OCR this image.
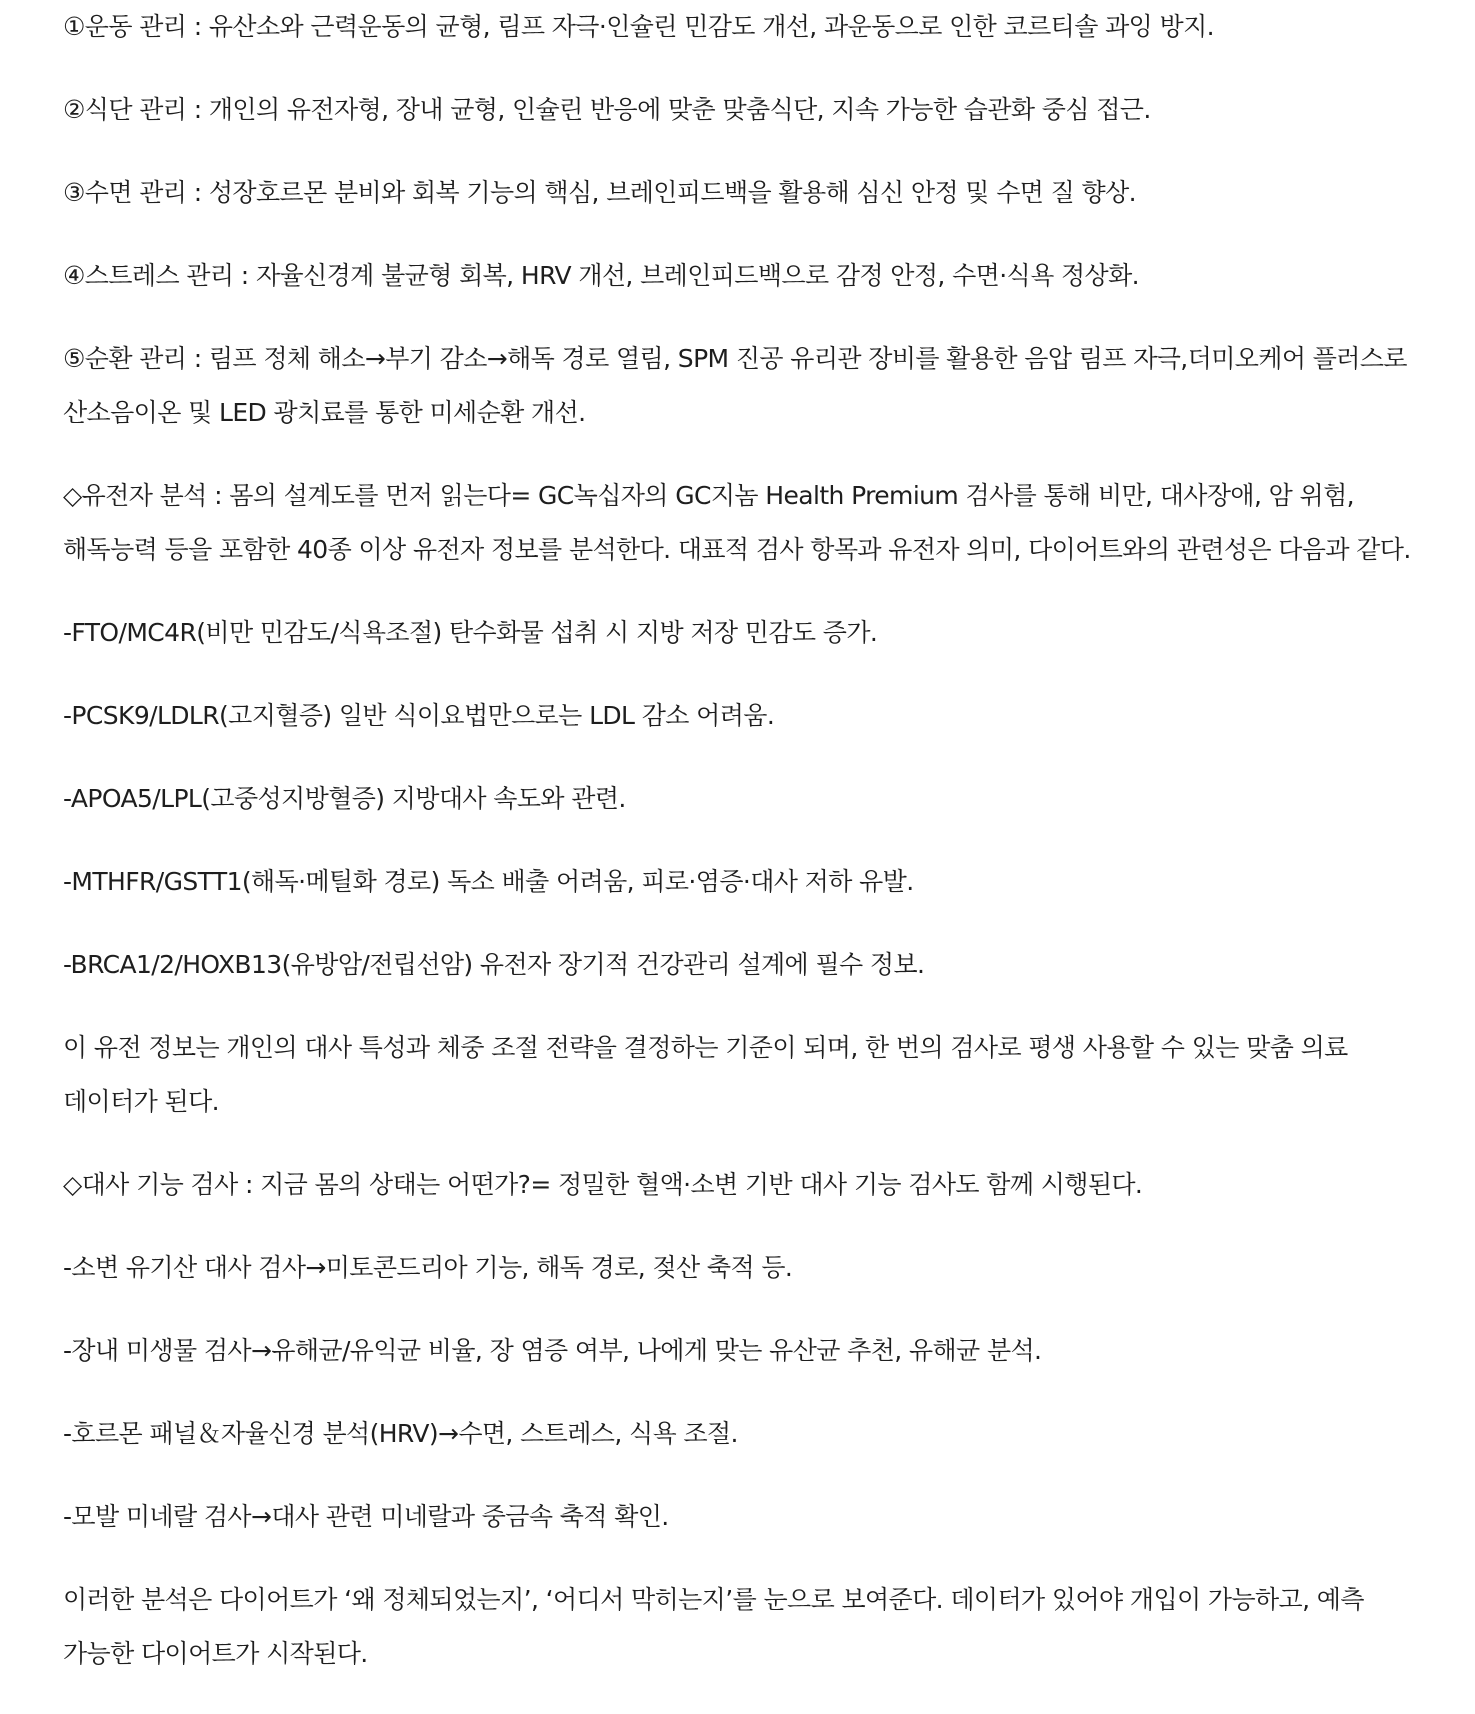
①운동 관리 : 유산소와 근력운동의 균형, 림프 자극·인슐린 민감도 개선, 과운동으로 인한 코르티솔 과잉 방지.

②식단 관리 : 개인의 유전자형, 장내 균형, 인슐린 반응에 맞춘 맞춤식단, 지속 가능한 습관화 중심 접근.

③수면 관리 : 성장호르몬 분비와 회복 기능의 핵심, 브레인피드백을 활용해 심신 안정 및 수면 질 향상.

④스트레스 관리 : 자율신경계 불균형 회복, HRV 개선, 브레인피드백으로 감정 안정, 수면·식욕 정상화.

⑤순환 관리 : 림프 정체 해소→부기 감소→해독 경로 열림, SPM 진공 유리관 장비를 활용한 음압 림프 자극,더미오케어 플러스로 산소음이온 및 LED 광치료를 통한 미세순환 개선.

◇유전자 분석 : 몸의 설계도를 먼저 읽는다= GC녹십자의 GC지놈 Health Premium 검사를 통해 비만, 대사장애, 암 위험, 해독능력 등을 포함한 40종 이상 유전자 정보를 분석한다. 대표적 검사 항목과 유전자 의미, 다이어트와의 관련성은 다음과 같다.

-FTO/MC4R(비만 민감도/식욕조절) 탄수화물 섭취 시 지방 저장 민감도 증가.

-PCSK9/LDLR(고지혈증) 일반 식이요법만으로는 LDL 감소 어려움.

-APOA5/LPL(고중성지방혈증) 지방대사 속도와 관련.

-MTHFR/GSTT1(해독·메틸화 경로) 독소 배출 어려움, 피로·염증·대사 저하 유발.

-BRCA1/2/HOXB13(유방암/전립선암) 유전자 장기적 건강관리 설계에 필수 정보.

이 유전 정보는 개인의 대사 특성과 체중 조절 전략을 결정하는 기준이 되며, 한 번의 검사로 평생 사용할 수 있는 맞춤 의료 데이터가 된다.

◇대사 기능 검사 : 지금 몸의 상태는 어떤가?= 정밀한 혈액·소변 기반 대사 기능 검사도 함께 시행된다.

-소변 유기산 대사 검사→미토콘드리아 기능, 해독 경로, 젖산 축적 등.

-장내 미생물 검사→유해균/유익균 비율, 장 염증 여부, 나에게 맞는 유산균 추천, 유해균 분석.

-호르몬 패널＆자율신경 분석(HRV)→수면, 스트레스, 식욕 조절.

-모발 미네랄 검사→대사 관련 미네랄과 중금속 축적 확인.

이러한 분석은 다이어트가 ‘왜 정체되었는지’, ‘어디서 막히는지’를 눈으로 보여준다. 데이터가 있어야 개입이 가능하고, 예측 가능한 다이어트가 시작된다.
